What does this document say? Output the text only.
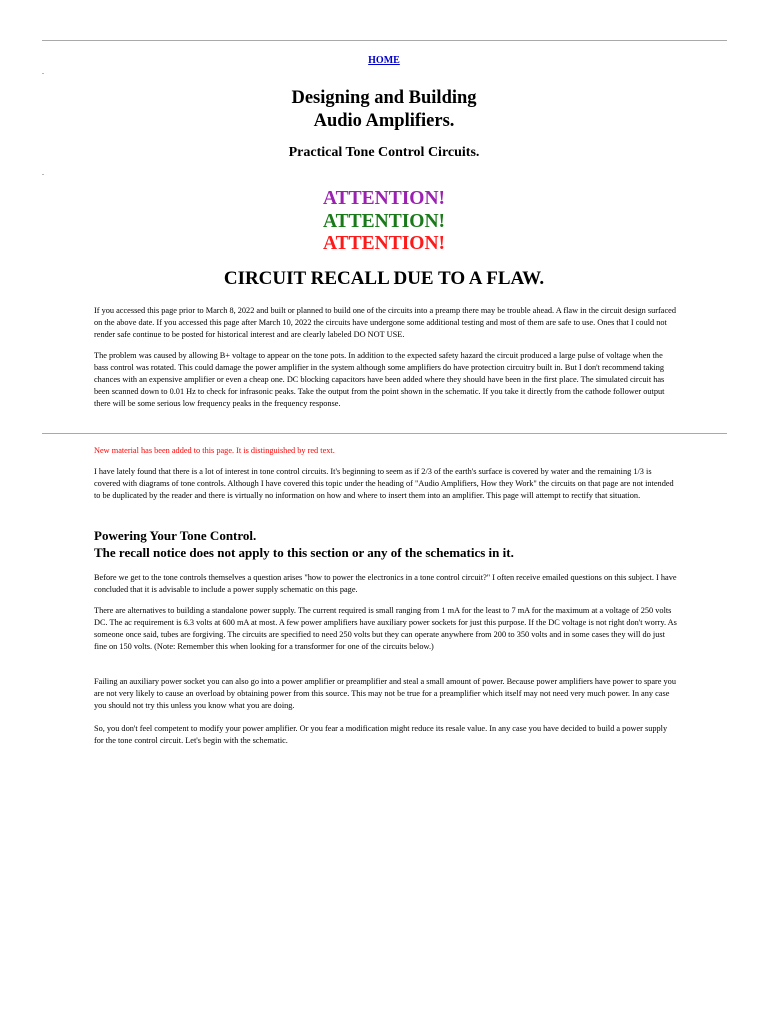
HOME
Designing and Building
Audio Amplifiers.
Practical Tone Control Circuits.
ATTENTION!
ATTENTION!
ATTENTION!
CIRCUIT RECALL DUE TO A FLAW.

If you accessed this page prior to March 8, 2022 and built or planned to build one of the circuits into a preamp there may be trouble ahead. A flaw in the circuit design surfaced on the above date. If you accessed this page after March 10, 2022 the circuits have undergone some additional testing and most of them are safe to use. Ones that I could not render safe continue to be posted for historical interest and are clearly labeled DO NOT USE.

The problem was caused by allowing B+ voltage to appear on the tone pots. In addition to the expected safety hazard the circuit produced a large pulse of voltage when the bass control was rotated. This could damage the power amplifier in the system although some amplifiers do have protection circuitry built in. But I don't recommend taking chances with an expensive amplifier or even a cheap one. DC blocking capacitors have been added where they should have been in the first place. The simulated circuit has been scanned down to 0.01 Hz to check for infrasonic peaks. Take the output from the point shown in the schematic. If you take it directly from the cathode follower output there will be some serious low frequency peaks in the frequency response.

New material has been added to this page. It is distinguished by red text.

I have lately found that there is a lot of interest in tone control circuits. It's beginning to seem as if 2/3 of the earth's surface is covered by water and the remaining 1/3 is covered with diagrams of tone controls. Although I have covered this topic under the heading of "Audio Amplifiers, How they Work" the circuits on that page are not intended to be duplicated by the reader and there is virtually no information on how and where to insert them into an amplifier. This page will attempt to rectify that situation.

Powering Your Tone Control.
The recall notice does not apply to this section or any of the schematics in it.

Before we get to the tone controls themselves a question arises "how to power the electronics in a tone control circuit?" I often receive emailed questions on this subject. I have concluded that it is advisable to include a power supply schematic on this page.

There are alternatives to building a standalone power supply. The current required is small ranging from 1 mA for the least to 7 mA for the maximum at a voltage of 250 volts DC. The ac requirement is 6.3 volts at 600 mA at most. A few power amplifiers have auxiliary power sockets for just this purpose. If the DC voltage is not right don't worry. As someone once said, tubes are forgiving. The circuits are specified to need 250 volts but they can operate anywhere from 200 to 350 volts and in some cases they will do just fine on 150 volts. (Note: Remember this when looking for a transformer for one of the circuits below.)

Failing an auxiliary power socket you can also go into a power amplifier or preamplifier and steal a small amount of power. Because power amplifiers have power to spare you are not very likely to cause an overload by obtaining power from this source. This may not be true for a preamplifier which itself may not need very much power. In any case you should not try this unless you know what you are doing.

So, you don't feel competent to modify your power amplifier. Or you fear a modification might reduce its resale value. In any case you have decided to build a power supply for the tone control circuit. Let's begin with the schematic.
